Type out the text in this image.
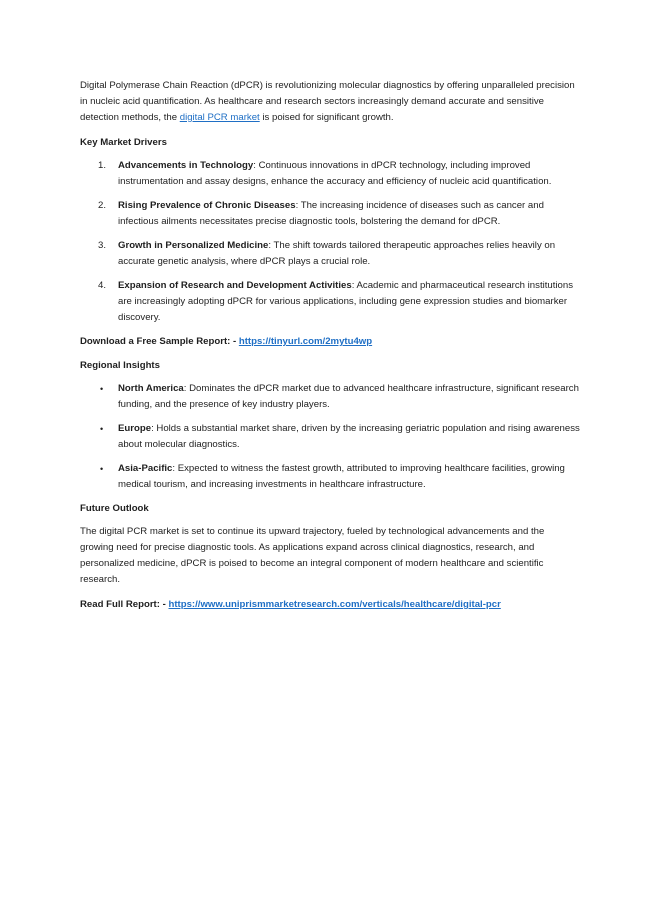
Digital Polymerase Chain Reaction (dPCR) is revolutionizing molecular diagnostics by offering unparalleled precision in nucleic acid quantification. As healthcare and research sectors increasingly demand accurate and sensitive detection methods, the digital PCR market is poised for significant growth.

Key Market Drivers

1.	Advancements in Technology: Continuous innovations in dPCR technology, including improved instrumentation and assay designs, enhance the accuracy and efficiency of nucleic acid quantification.
2.	Rising Prevalence of Chronic Diseases: The increasing incidence of diseases such as cancer and infectious ailments necessitates precise diagnostic tools, bolstering the demand for dPCR.
3.	Growth in Personalized Medicine: The shift towards tailored therapeutic approaches relies heavily on accurate genetic analysis, where dPCR plays a crucial role.
4.	Expansion of Research and Development Activities: Academic and pharmaceutical research institutions are increasingly adopting dPCR for various applications, including gene expression studies and biomarker discovery.

Download a Free Sample Report: - https://tinyurl.com/2mytu4wp

Regional Insights

• North America: Dominates the dPCR market due to advanced healthcare infrastructure, significant research funding, and the presence of key industry players.
• Europe: Holds a substantial market share, driven by the increasing geriatric population and rising awareness about molecular diagnostics.
• Asia-Pacific: Expected to witness the fastest growth, attributed to improving healthcare facilities, growing medical tourism, and increasing investments in healthcare infrastructure.

Future Outlook

The digital PCR market is set to continue its upward trajectory, fueled by technological advancements and the growing need for precise diagnostic tools. As applications expand across clinical diagnostics, research, and personalized medicine, dPCR is poised to become an integral component of modern healthcare and scientific research.

Read Full Report: - https://www.uniprismmarketresearch.com/verticals/healthcare/digital-pcr
